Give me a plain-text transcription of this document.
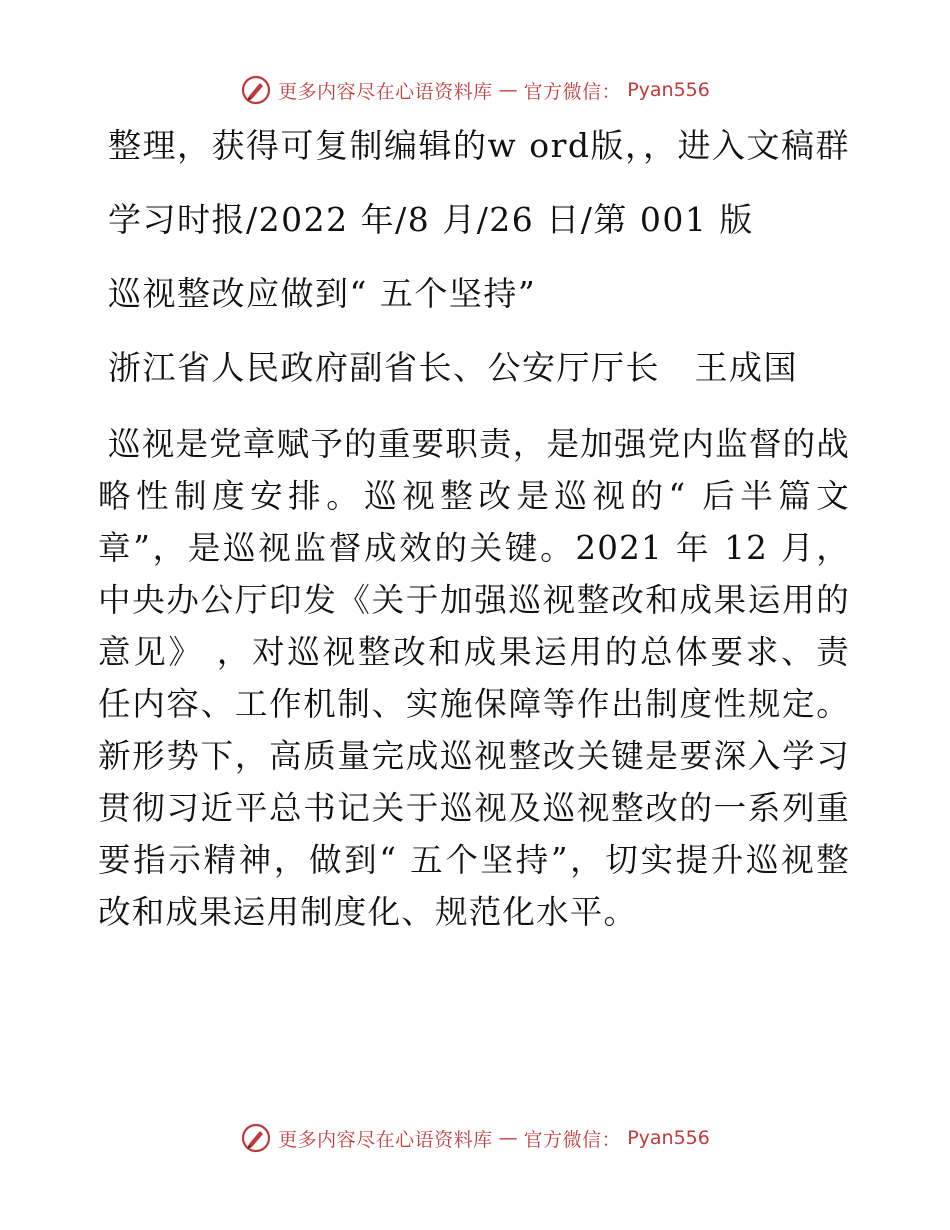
更多内容尽在心语资料库 — 官方微信： Pyan556

整理，获得可复制编辑的w ord版，，进入文稿群

学习时报/2022 年/8 月/26 日/第 001 版

巡视整改应做到“ 五个坚持”

浙江省人民政府副省长、公安厅厅长　王成国

巡视是党章赋予的重要职责，是加强党内监督的战略性制度安排。巡视整改是巡视的“ 后半篇文章”，是巡视监督成效的关键。2021 年 12 月，中央办公厅印发《关于加强巡视整改和成果运用的意见》 ，对巡视整改和成果运用的总体要求、责任内容、工作机制、实施保障等作出制度性规定。新形势下，高质量完成巡视整改关键是要深入学习贯彻习近平总书记关于巡视及巡视整改的一系列重要指示精神，做到“ 五个坚持”，切实提升巡视整改和成果运用制度化、规范化水平。

更多内容尽在心语资料库 — 官方微信： Pyan556
